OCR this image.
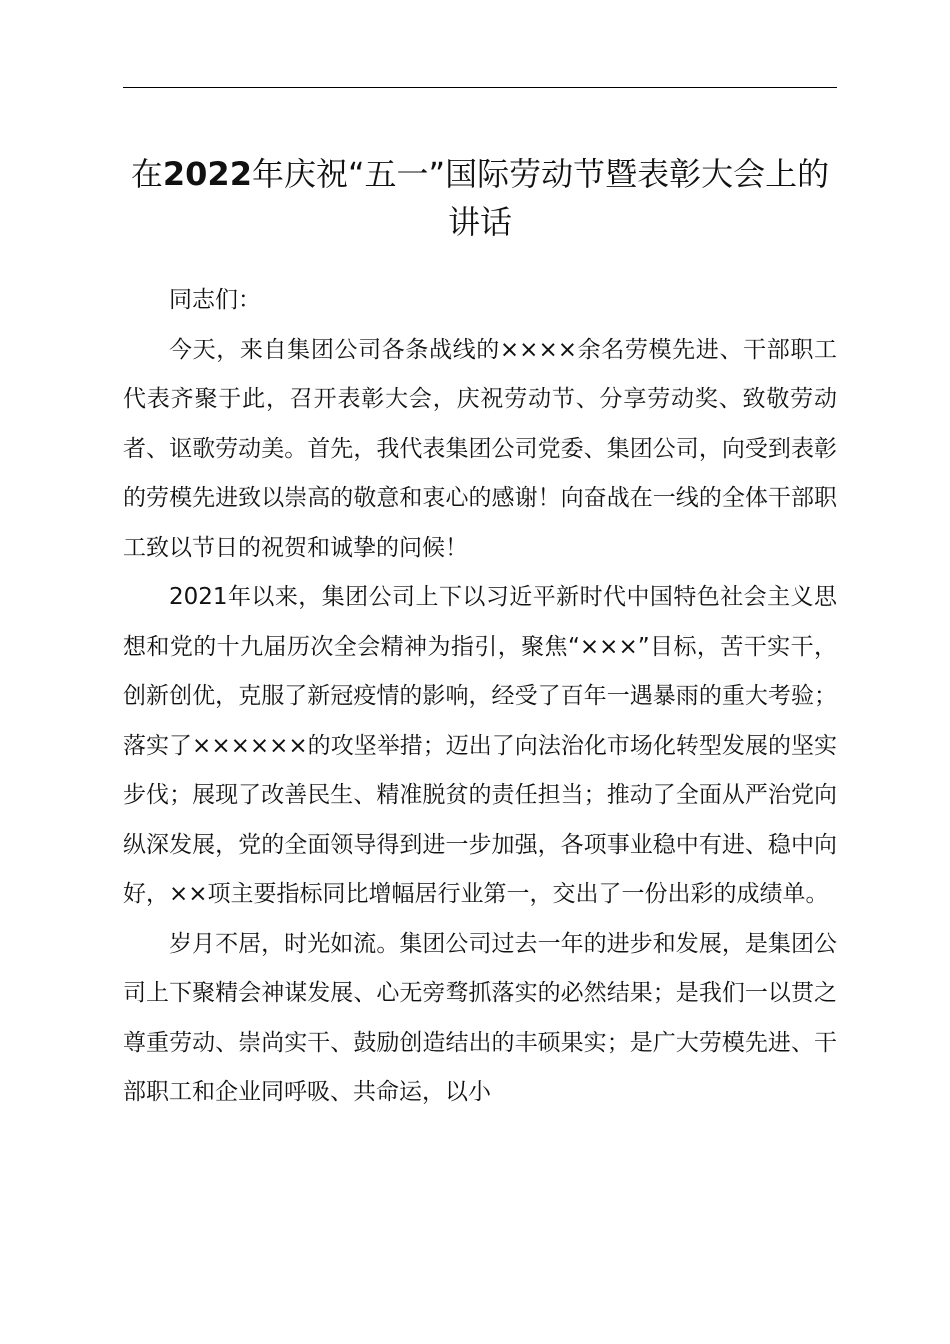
在2022年庆祝“五一”国际劳动节暨表彰大会上的讲话

同志们：

今天，来自集团公司各条战线的××××余名劳模先进、干部职工代表齐聚于此，召开表彰大会，庆祝劳动节、分享劳动奖、致敬劳动者、讴歌劳动美。首先，我代表集团公司党委、集团公司，向受到表彰的劳模先进致以崇高的敬意和衷心的感谢！向奋战在一线的全体干部职工致以节日的祝贺和诚挚的问候！

2021年以来，集团公司上下以习近平新时代中国特色社会主义思想和党的十九届历次全会精神为指引，聚焦“×××”目标，苦干实干，创新创优，克服了新冠疫情的影响，经受了百年一遇暴雨的重大考验；落实了××××××的攻坚举措；迈出了向法治化市场化转型发展的坚实步伐；展现了改善民生、精准脱贫的责任担当；推动了全面从严治党向纵深发展，党的全面领导得到进一步加强，各项事业稳中有进、稳中向好，××项主要指标同比增幅居行业第一，交出了一份出彩的成绩单。

岁月不居，时光如流。集团公司过去一年的进步和发展，是集团公司上下聚精会神谋发展、心无旁骛抓落实的必然结果；是我们一以贯之尊重劳动、崇尚实干、鼓励创造结出的丰硕果实；是广大劳模先进、干部职工和企业同呼吸、共命运，以小
